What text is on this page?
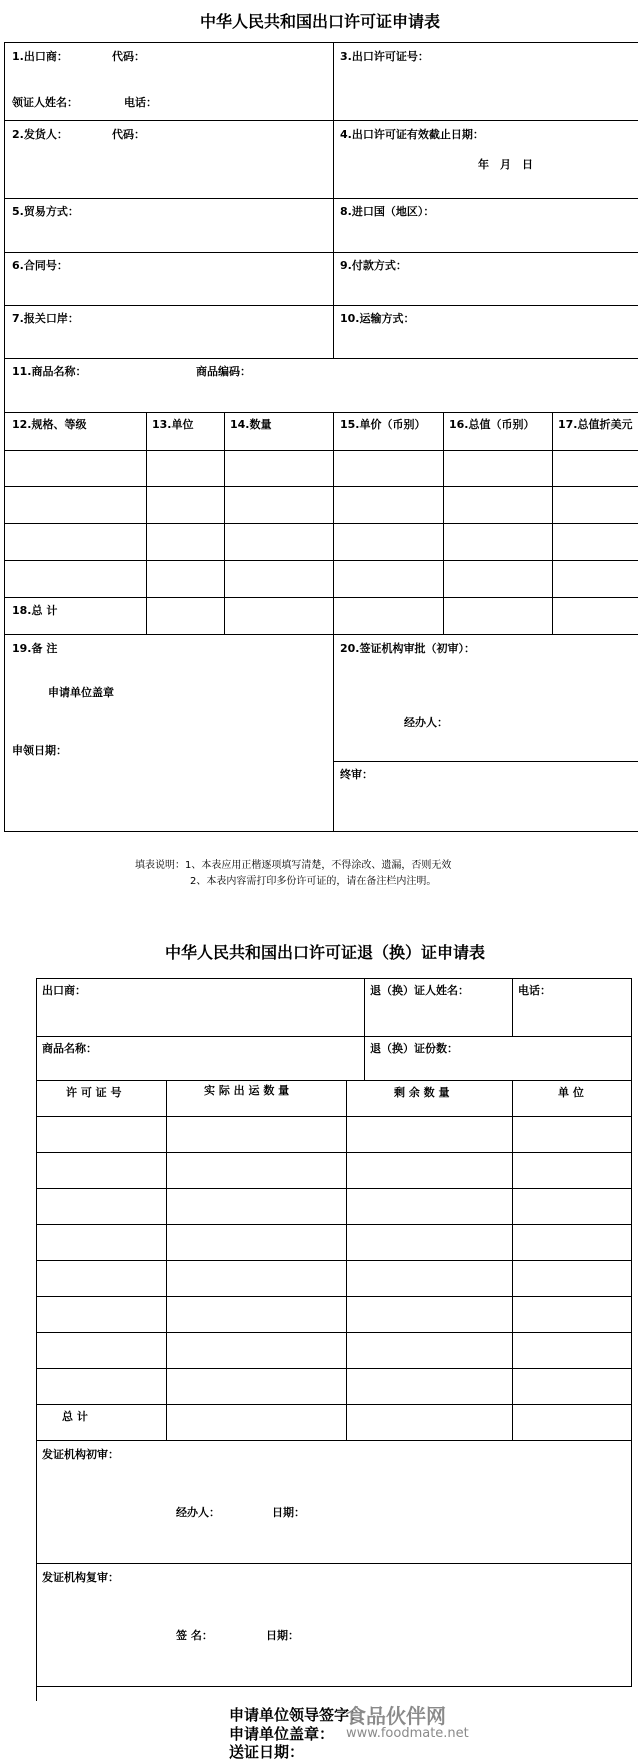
中华人民共和国出口许可证申请表
1.出口商：	代码：	3.出口许可证号：
领证人姓名：	电话：
2.发货人：	代码：	4.出口许可证有效截止日期：
年　月　日
5.贸易方式：	8.进口国（地区）：
6.合同号：	9.付款方式：
7.报关口岸：	10.运输方式：
11.商品名称：	商品编码：
12.规格、等级	13.单位	14.数量	15.单价（币别） 16.总值（币别） 17.总值折美元
18.总 计
19.备 注
申请单位盖章
申领日期：
20.签证机构审批（初审）：
经办人：
终审：
填表说明：1、本表应用正楷逐项填写清楚，不得涂改、遗漏，否则无效
2、本表内容需打印多份许可证的，请在备注栏内注明。
中华人民共和国出口许可证退（换）证申请表
出口商：	退（换）证人姓名：	电话：
商品名称：	退（换）证份数：
许 可 证 号	实 际 出 运 数 量	剩 余 数 量	单 位
总 计
发证机构初审：
经办人：	日期：
发证机构复审：
签 名：	日期：
申请单位领导签字：
申请单位盖章：
送证日期：
食品伙伴网
www.foodmate.net
